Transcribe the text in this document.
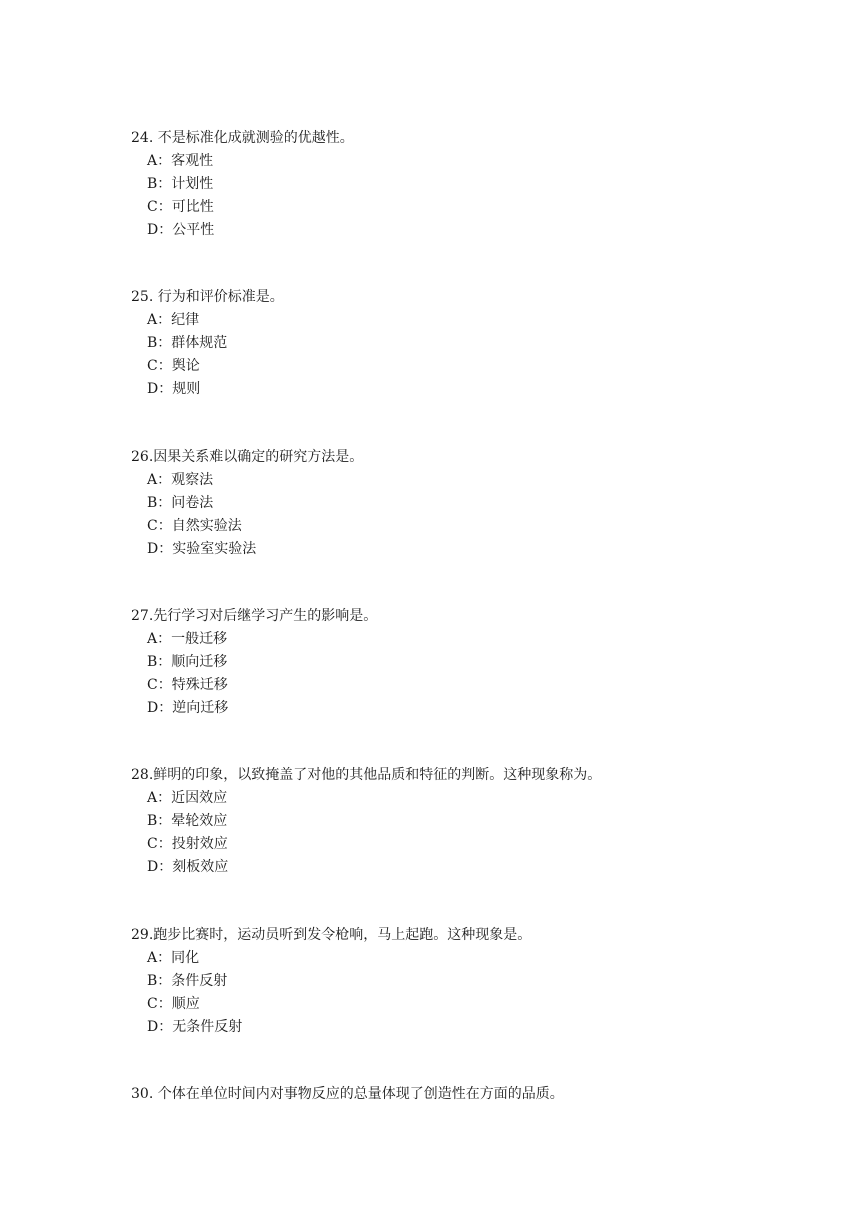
24. 不是标准化成就测验的优越性。
A：客观性
B：计划性
C：可比性
D：公平性
25. 行为和评价标准是。
A：纪律
B：群体规范
C：舆论
D：规则
26.因果关系难以确定的研究方法是。
A：观察法
B：问卷法
C：自然实验法
D：实验室实验法
27.先行学习对后继学习产生的影响是。
A：一般迁移
B：顺向迁移
C：特殊迁移
D：逆向迁移
28.鲜明的印象，以致掩盖了对他的其他品质和特征的判断。这种现象称为。
A：近因效应
B：晕轮效应
C：投射效应
D：刻板效应
29.跑步比赛时，运动员听到发令枪响，马上起跑。这种现象是。
A：同化
B：条件反射
C：顺应
D：无条件反射
30. 个体在单位时间内对事物反应的总量体现了创造性在方面的品质。
